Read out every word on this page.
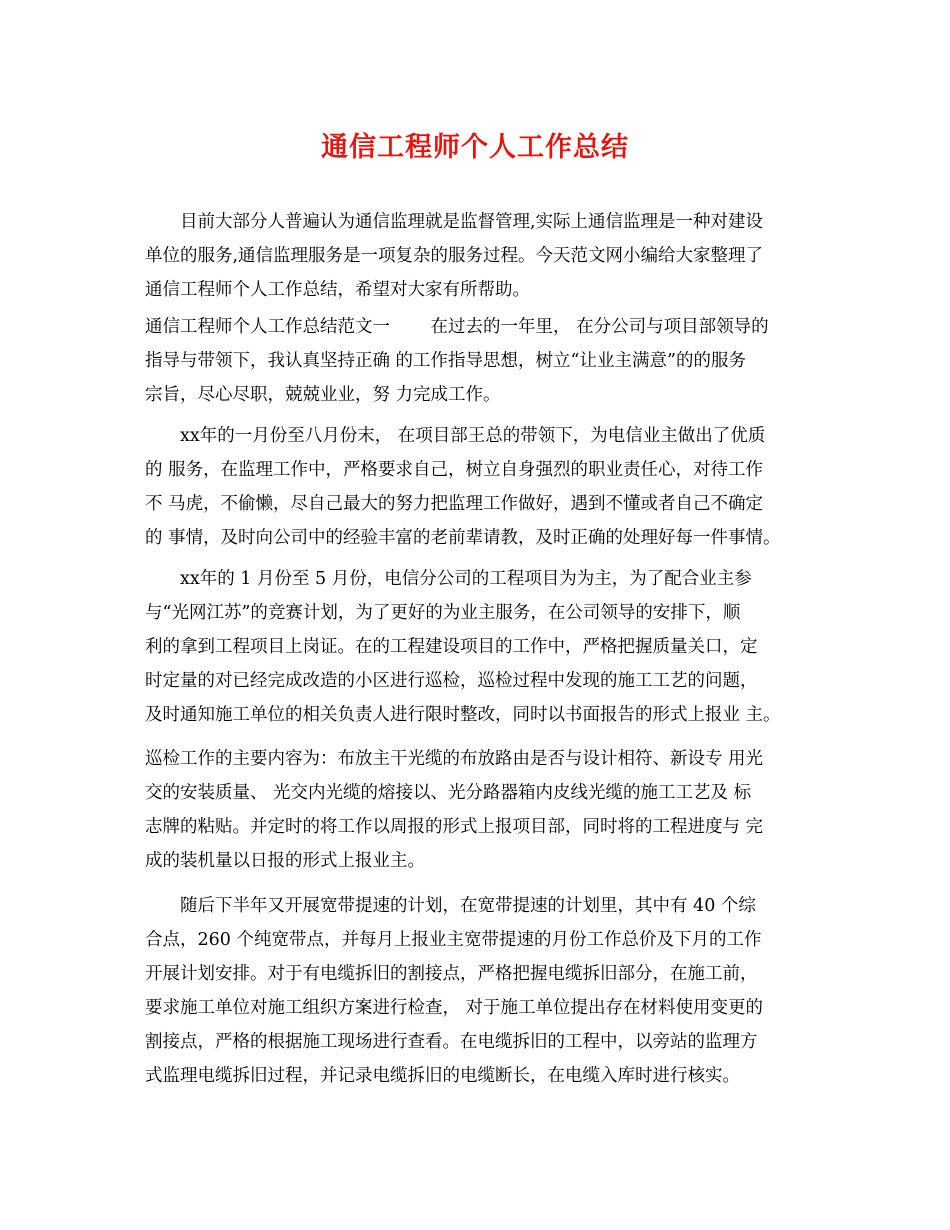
通信工程师个人工作总结
　　目前大部分人普遍认为通信监理就是监督管理,实际上通信监理是一种对建设
单位的服务,通信监理服务是一项复杂的服务过程。今天范文网小编给大家整理了
通信工程师个人工作总结，希望对大家有所帮助。
通信工程师个人工作总结范文一　　 在过去的一年里， 在分公司与项目部领导的
指导与带领下，我认真坚持正确 的工作指导思想，树立“让业主满意”的的服务
宗旨，尽心尽职，兢兢业业，努 力完成工作。
　　xx年的一月份至八月份末， 在项目部王总的带领下，为电信业主做出了优质
的 服务，在监理工作中，严格要求自己，树立自身强烈的职业责任心，对待工作
不 马虎，不偷懒，尽自己最大的努力把监理工作做好，遇到不懂或者自己不确定
的 事情，及时向公司中的经验丰富的老前辈请教，及时正确的处理好每一件事情。
　　xx年的 1 月份至 5 月份，电信分公司的工程项目为为主，为了配合业主参
与“光网江苏”的竞赛计划，为了更好的为业主服务，在公司领导的安排下，顺
利的拿到工程项目上岗证。在的工程建设项目的工作中，严格把握质量关口，定
时定量的对已经完成改造的小区进行巡检，巡检过程中发现的施工工艺的问题，
及时通知施工单位的相关负责人进行限时整改，同时以书面报告的形式上报业 主。
巡检工作的主要内容为：布放主干光缆的布放路由是否与设计相符、新设专 用光
交的安装质量、 光交内光缆的熔接以、光分路器箱内皮线光缆的施工工艺及 标
志牌的粘贴。并定时的将工作以周报的形式上报项目部，同时将的工程进度与 完
成的装机量以日报的形式上报业主。
　　随后下半年又开展宽带提速的计划，在宽带提速的计划里，其中有 40 个综
合点，260 个纯宽带点，并每月上报业主宽带提速的月份工作总价及下月的工作
开展计划安排。对于有电缆拆旧的割接点，严格把握电缆拆旧部分，在施工前，
要求施工单位对施工组织方案进行检查， 对于施工单位提出存在材料使用变更的
割接点，严格的根据施工现场进行查看。在电缆拆旧的工程中，以旁站的监理方
式监理电缆拆旧过程，并记录电缆拆旧的电缆断长，在电缆入库时进行核实。
